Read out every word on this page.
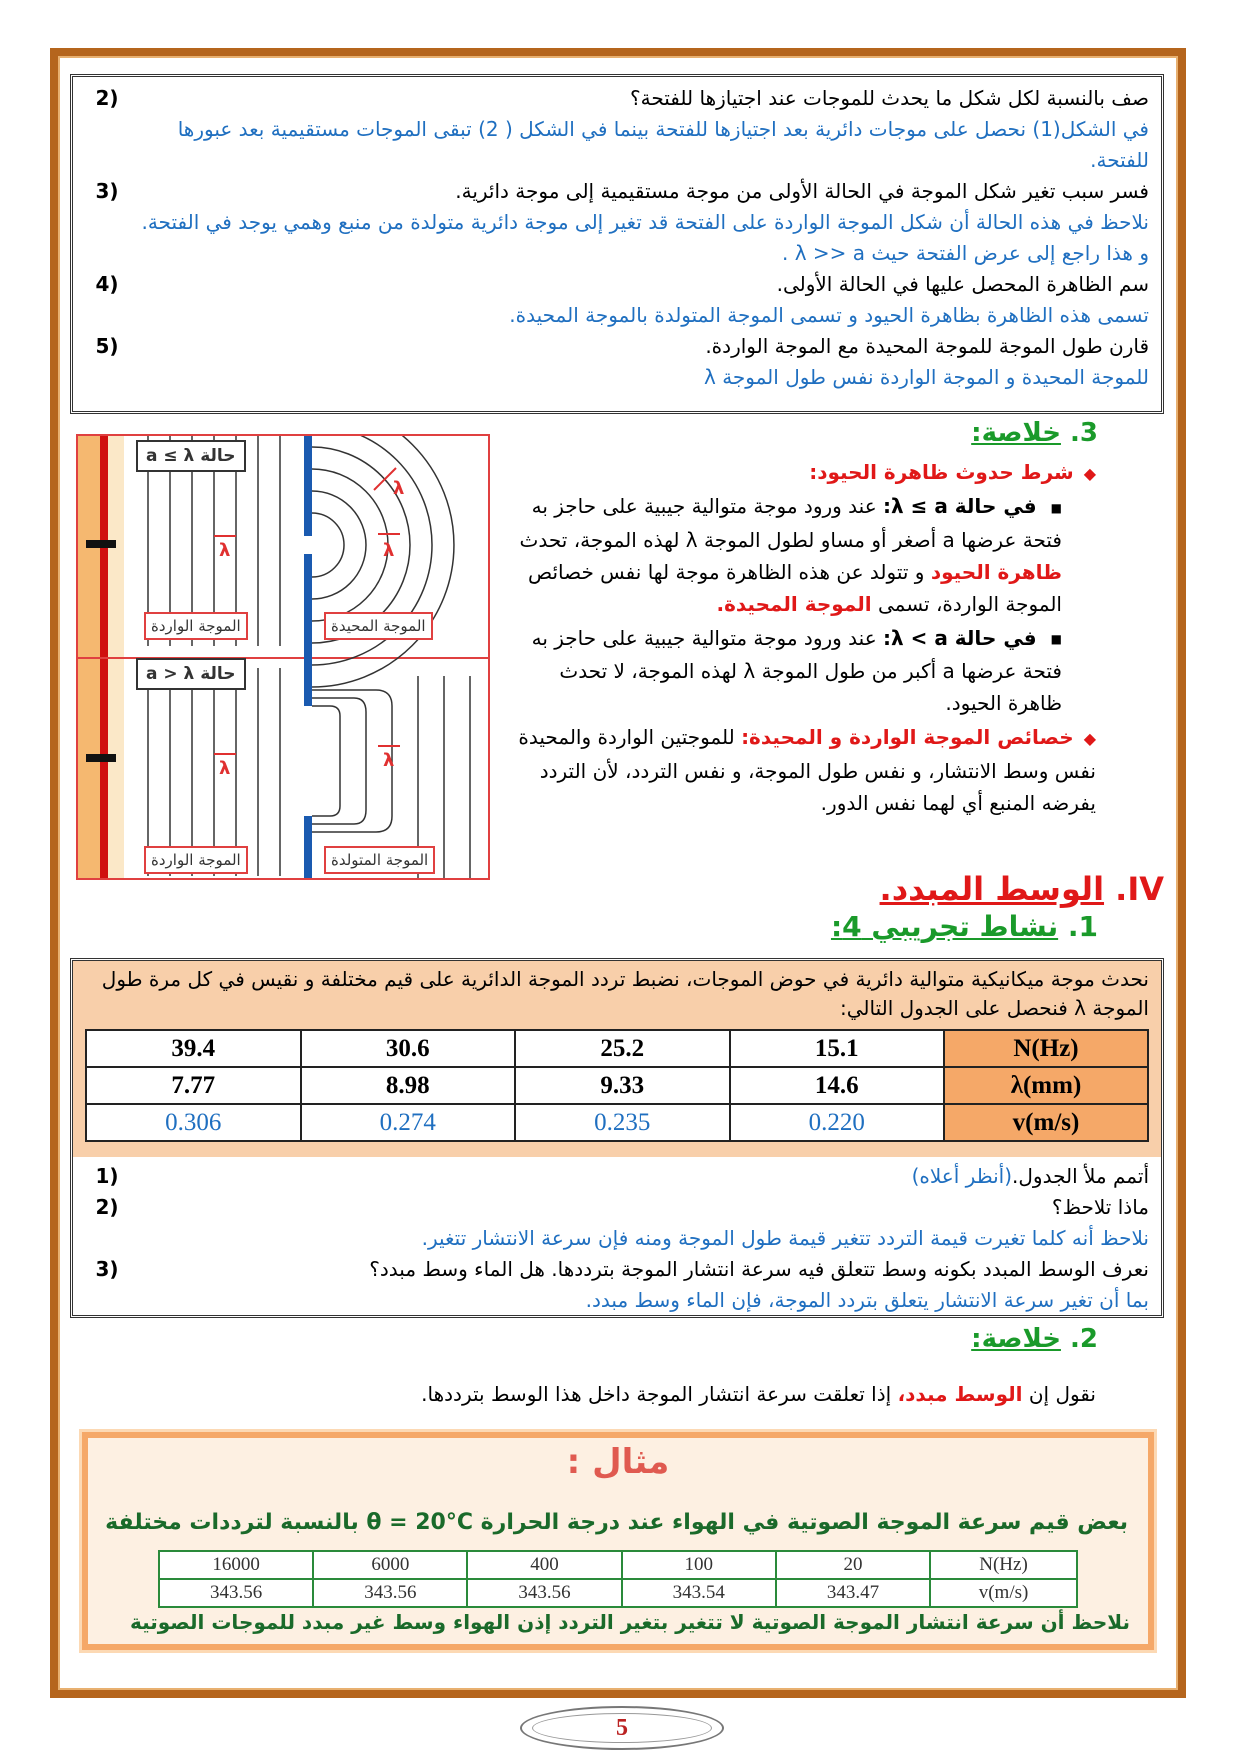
(2	صف بالنسبة لكل شكل ما يحدث للموجات عند اجتيازها للفتحة؟
في الشكل(1) نحصل على موجات دائرية بعد اجتيازها للفتحة بينما في الشكل ( 2) تبقى الموجات مستقيمية بعد عبورها للفتحة.
(3	فسر سبب تغير شكل الموجة في الحالة الأولى من موجة مستقيمية إلى موجة دائرية.
نلاحظ في هذه الحالة أن شكل الموجة الواردة على الفتحة قد تغير إلى موجة دائرية متولدة من منبع وهمي يوجد في الفتحة. و هذا راجع إلى عرض الفتحة حيث λ >> a .
(4	سم الظاهرة المحصل عليها في الحالة الأولى.
تسمى هذه الظاهرة بظاهرة الحيود و تسمى الموجة المتولدة بالموجة المحيدة.
(5	قارن طول الموجة للموجة المحيدة مع الموجة الواردة.
للموجة المحيدة و الموجة الواردة نفس طول الموجة λ
حالة a ≤ λ
حالة a > λ
الموجة الواردة	الموجة المحيدة
الموجة الواردة	الموجة المتولدة
λ	λ
λ
λ	λ
3. خلاصة:
◆شرط حدوث ظاهرة الحيود:
■في حالة λ ≤ a: عند ورود موجة متوالية جيبية على حاجز به فتحة عرضها a أصغر أو مساو لطول الموجة λ لهذه الموجة، تحدث ظاهرة الحيود و تتولد عن هذه الظاهرة موجة لها نفس خصائص الموجة الواردة، تسمى الموجة المحيدة.
■في حالة λ < a: عند ورود موجة متوالية جيبية على حاجز به فتحة عرضها a أكبر من طول الموجة λ لهذه الموجة، لا تحدث ظاهرة الحيود.
◆خصائص الموجة الواردة و المحيدة: للموجتين الواردة والمحيدة نفس وسط الانتشار، و نفس طول الموجة، و نفس التردد، لأن التردد يفرضه المنبع أي لهما نفس الدور.
IV. الوسط المبدد.
1. نشاط تجريبي 4:
نحدث موجة ميكانيكية متوالية دائرية في حوض الموجات، نضبط تردد الموجة الدائرية على قيم مختلفة و نقيس في كل مرة طول الموجة λ فنحصل على الجدول التالي:
N(Hz)	15.1	25.2	30.6	39.4
λ(mm)	14.6	9.33	8.98	7.77
v(m/s)	0.220	0.235	0.274	0.306
(1	أتمم ملأ الجدول.(أنظر أعلاه)
(2	ماذا تلاحظ؟
نلاحظ أنه كلما تغيرت قيمة التردد تتغير قيمة طول الموجة ومنه فإن سرعة الانتشار تتغير.
(3	نعرف الوسط المبدد بكونه وسط تتعلق فيه سرعة انتشار الموجة بترددها. هل الماء وسط مبدد؟
بما أن تغير سرعة الانتشار يتعلق بتردد الموجة، فإن الماء وسط مبدد.
2. خلاصة:
نقول إن الوسط مبدد، إذا تعلقت سرعة انتشار الموجة داخل هذا الوسط بترددها.
مثال :
بعض قيم سرعة الموجة الصوتية في الهواء عند درجة الحرارة θ = 20°C بالنسبة لترددات مختلفة
N(Hz)	20	100	400	6000	16000
v(m/s)	343.47	343.54	343.56	343.56	343.56
نلاحظ أن سرعة انتشار الموجة الصوتية لا تتغير بتغير التردد إذن الهواء وسط غير مبدد للموجات الصوتية
5
